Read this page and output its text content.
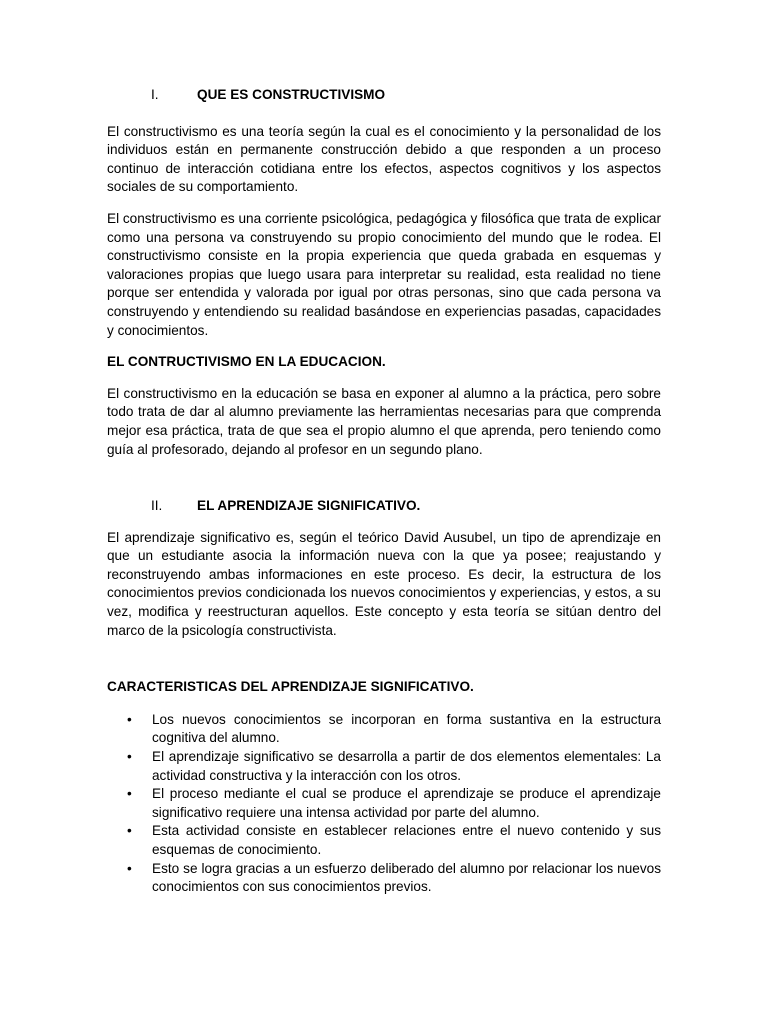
I.	QUE ES CONSTRUCTIVISMO

El constructivismo es una teoría según la cual es el conocimiento y la personalidad de los individuos están en permanente construcción debido a que responden a un proceso continuo de interacción cotidiana entre los efectos, aspectos cognitivos y los aspectos sociales de su comportamiento.

El constructivismo es una corriente psicológica, pedagógica y filosófica que trata de explicar como una persona va construyendo su propio conocimiento del mundo que le rodea. El constructivismo consiste en la propia experiencia que queda grabada en esquemas y valoraciones propias que luego usara para interpretar su realidad, esta realidad no tiene porque ser entendida y valorada por igual por otras personas, sino que cada persona va construyendo y entendiendo su realidad basándose en experiencias pasadas, capacidades y conocimientos.

EL CONTRUCTIVISMO EN LA EDUCACION.

El constructivismo en la educación se basa en exponer al alumno a la práctica, pero sobre todo trata de dar al alumno previamente las herramientas necesarias para que comprenda mejor esa práctica, trata de que sea el propio alumno el que aprenda, pero teniendo como guía al profesorado, dejando al profesor en un segundo plano.

II.	EL APRENDIZAJE SIGNIFICATIVO.

El aprendizaje significativo es, según el teórico David Ausubel, un tipo de aprendizaje en que un estudiante asocia la información nueva con la que ya posee; reajustando y reconstruyendo ambas informaciones en este proceso. Es decir, la estructura de los conocimientos previos condicionada los nuevos conocimientos y experiencias, y estos, a su vez, modifica y reestructuran aquellos. Este concepto y esta teoría se sitúan dentro del marco de la psicología constructivista.

CARACTERISTICAS DEL APRENDIZAJE SIGNIFICATIVO.
•	Los nuevos conocimientos se incorporan en forma sustantiva en la estructura cognitiva del alumno.
•	El aprendizaje significativo se desarrolla a partir de dos elementos elementales: La actividad constructiva y la interacción con los otros.
•	El proceso mediante el cual se produce el aprendizaje se produce el aprendizaje significativo requiere una intensa actividad por parte del alumno.
•	Esta actividad consiste en establecer relaciones entre el nuevo contenido y sus esquemas de conocimiento.
•	Esto se logra gracias a un esfuerzo deliberado del alumno por relacionar los nuevos conocimientos con sus conocimientos previos.
